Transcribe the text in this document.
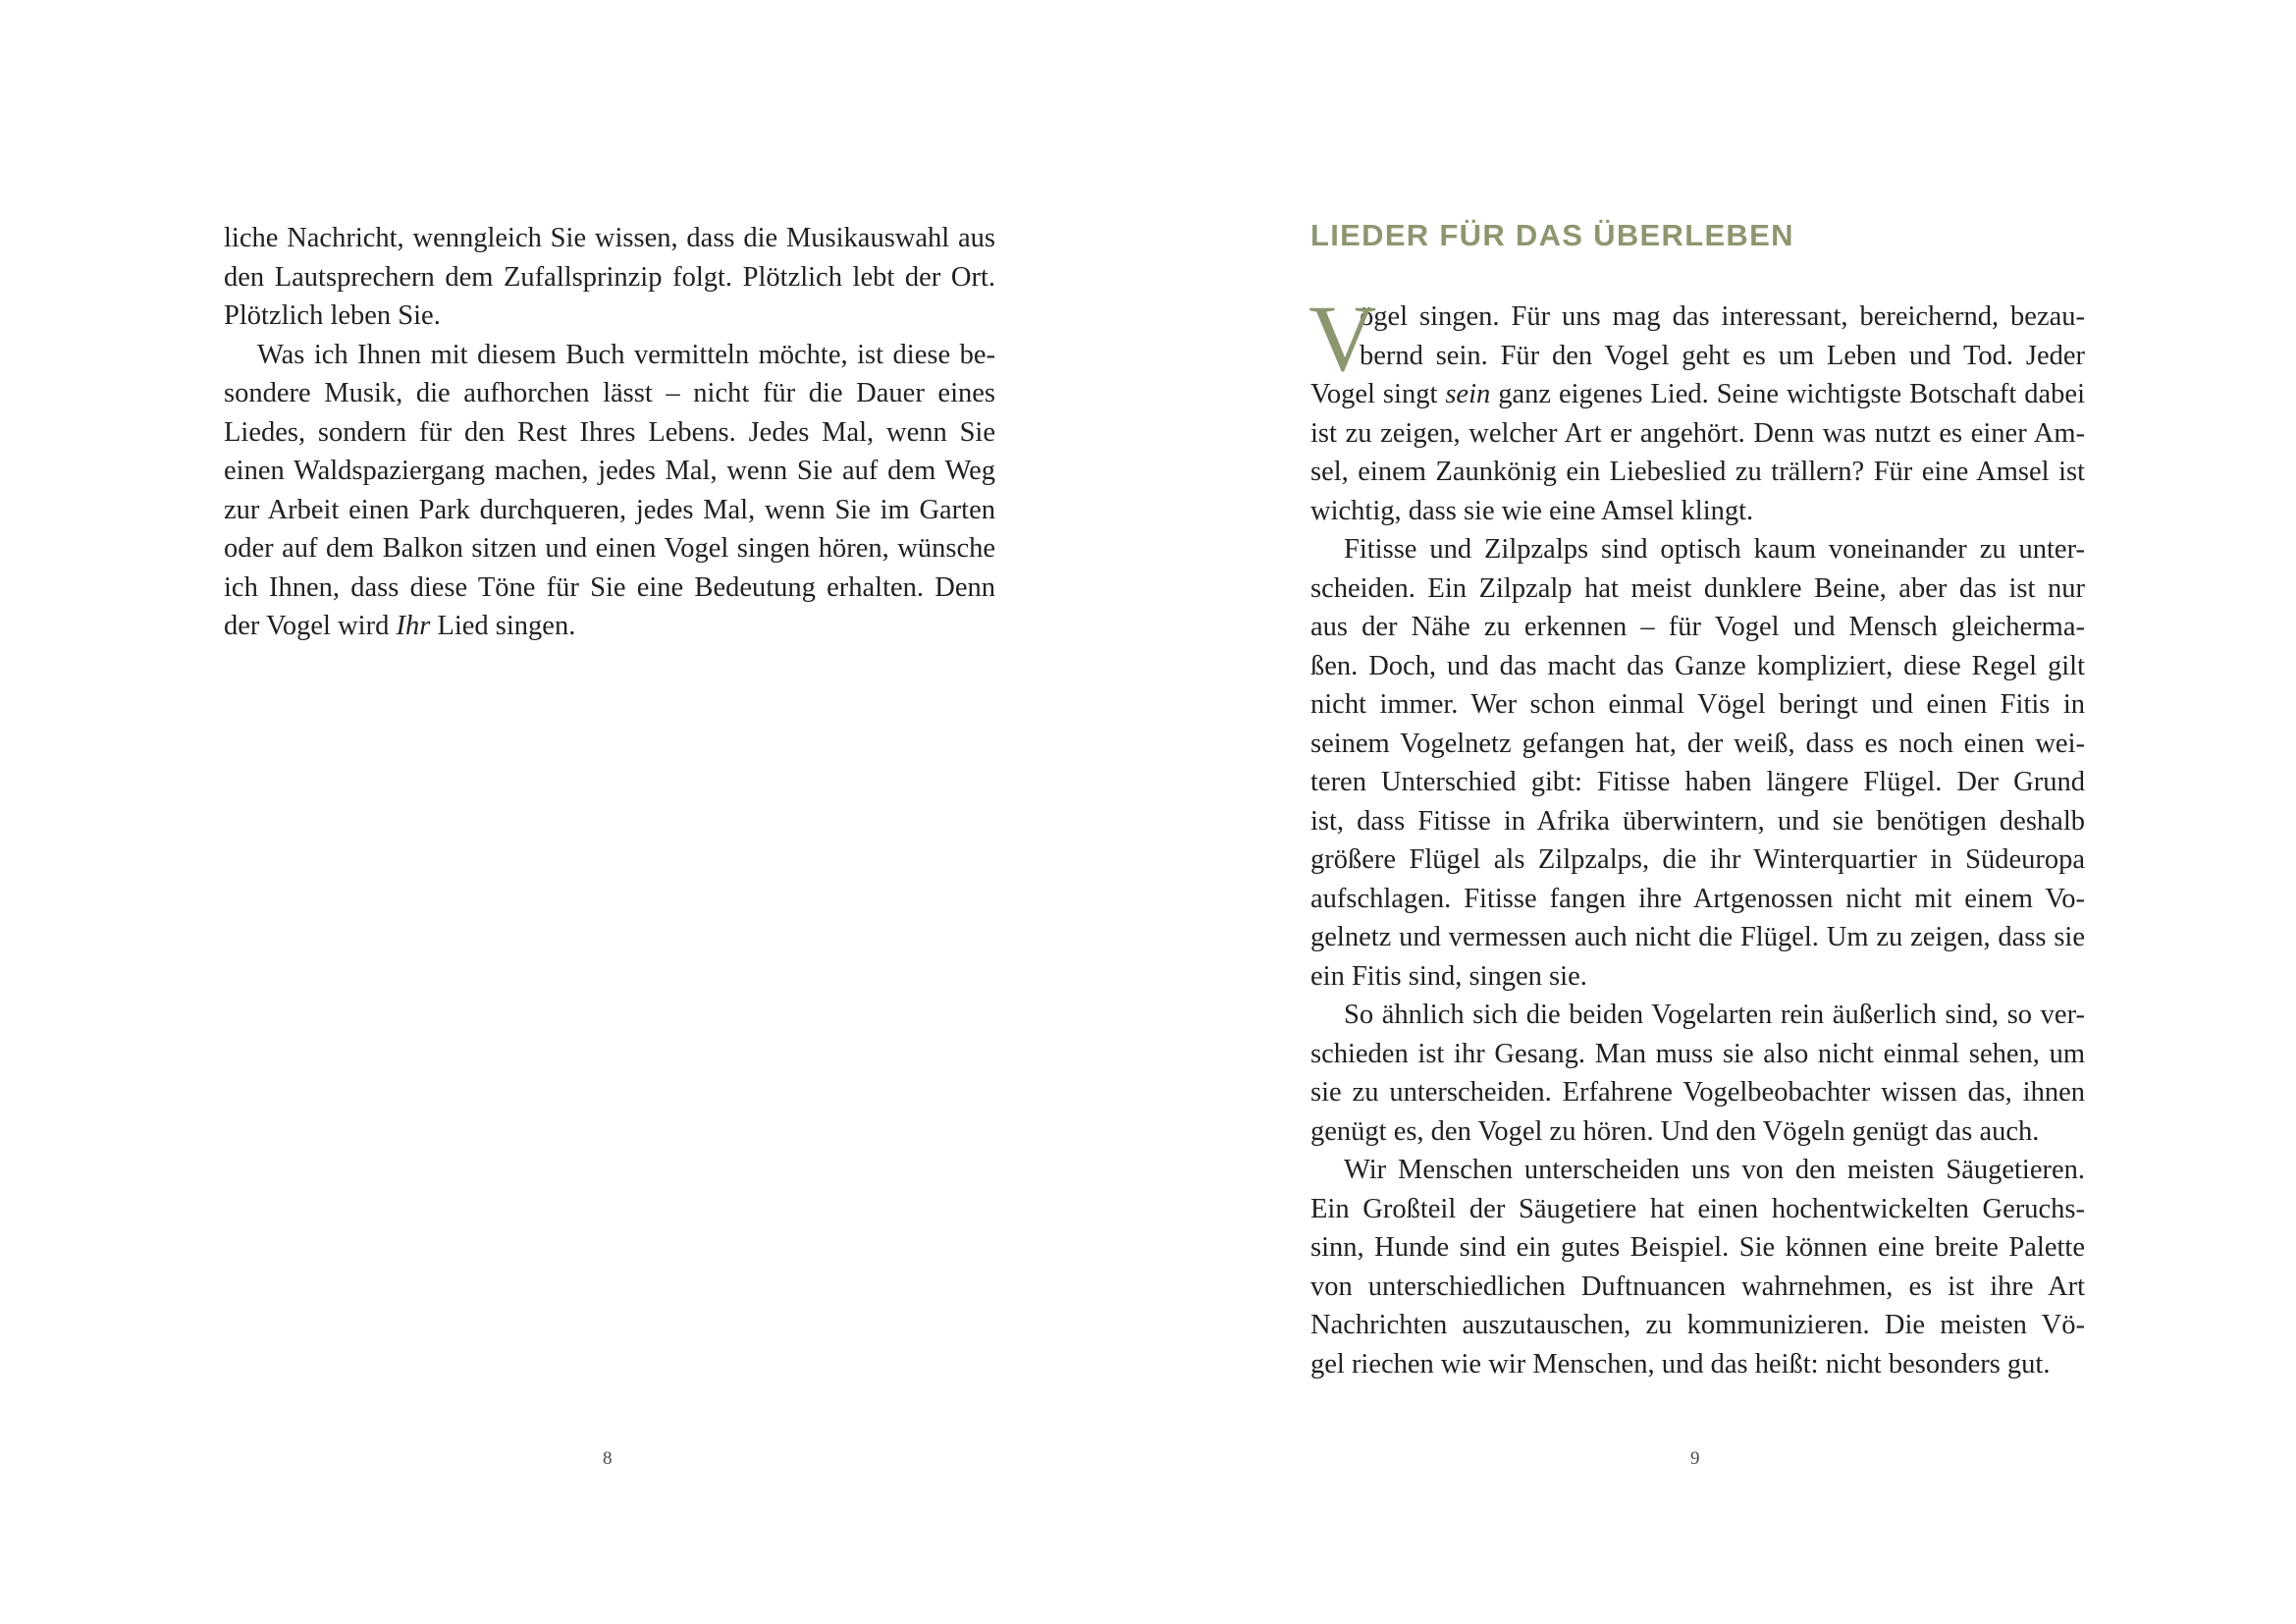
liche Nachricht, wenngleich Sie wissen, dass die Musikauswahl aus
den Lautsprechern dem Zufallsprinzip folgt. Plötzlich lebt der Ort.
Plötzlich leben Sie.
Was ich Ihnen mit diesem Buch vermitteln möchte, ist diese be-
sondere Musik, die aufhorchen lässt – nicht für die Dauer eines
Liedes, sondern für den Rest Ihres Lebens. Jedes Mal, wenn Sie
einen Waldspaziergang machen, jedes Mal, wenn Sie auf dem Weg
zur Arbeit einen Park durchqueren, jedes Mal, wenn Sie im Garten
oder auf dem Balkon sitzen und einen Vogel singen hören, wünsche
ich Ihnen, dass diese Töne für Sie eine Bedeutung erhalten. Denn
der Vogel wird Ihr Lied singen.
8
LIEDER FÜR DAS ÜBERLEBEN
V
ögel singen. Für uns mag das interessant, bereichernd, bezau-
bernd sein. Für den Vogel geht es um Leben und Tod. Jeder
Vogel singt sein ganz eigenes Lied. Seine wichtigste Botschaft dabei
ist zu zeigen, welcher Art er angehört. Denn was nutzt es einer Am-
sel, einem Zaunkönig ein Liebeslied zu trällern? Für eine Amsel ist
wichtig, dass sie wie eine Amsel klingt.
Fitisse und Zilpzalps sind optisch kaum voneinander zu unter-
scheiden. Ein Zilpzalp hat meist dunklere Beine, aber das ist nur
aus der Nähe zu erkennen – für Vogel und Mensch gleicherma-
ßen. Doch, und das macht das Ganze kompliziert, diese Regel gilt
nicht immer. Wer schon einmal Vögel beringt und einen Fitis in
seinem Vogelnetz gefangen hat, der weiß, dass es noch einen wei-
teren Unterschied gibt: Fitisse haben längere Flügel. Der Grund
ist, dass Fitisse in Afrika überwintern, und sie benötigen deshalb
größere Flügel als Zilpzalps, die ihr Winterquartier in Südeuropa
aufschlagen. Fitisse fangen ihre Artgenossen nicht mit einem Vo-
gelnetz und vermessen auch nicht die Flügel. Um zu zeigen, dass sie
ein Fitis sind, singen sie.
So ähnlich sich die beiden Vogelarten rein äußerlich sind, so ver-
schieden ist ihr Gesang. Man muss sie also nicht einmal sehen, um
sie zu unterscheiden. Erfahrene Vogelbeobachter wissen das, ihnen
genügt es, den Vogel zu hören. Und den Vögeln genügt das auch.
Wir Menschen unterscheiden uns von den meisten Säugetieren.
Ein Großteil der Säugetiere hat einen hochentwickelten Geruchs-
sinn, Hunde sind ein gutes Beispiel. Sie können eine breite Palette
von unterschiedlichen Duftnuancen wahrnehmen, es ist ihre Art
Nachrichten auszutauschen, zu kommunizieren. Die meisten Vö-
gel riechen wie wir Menschen, und das heißt: nicht besonders gut.
9
